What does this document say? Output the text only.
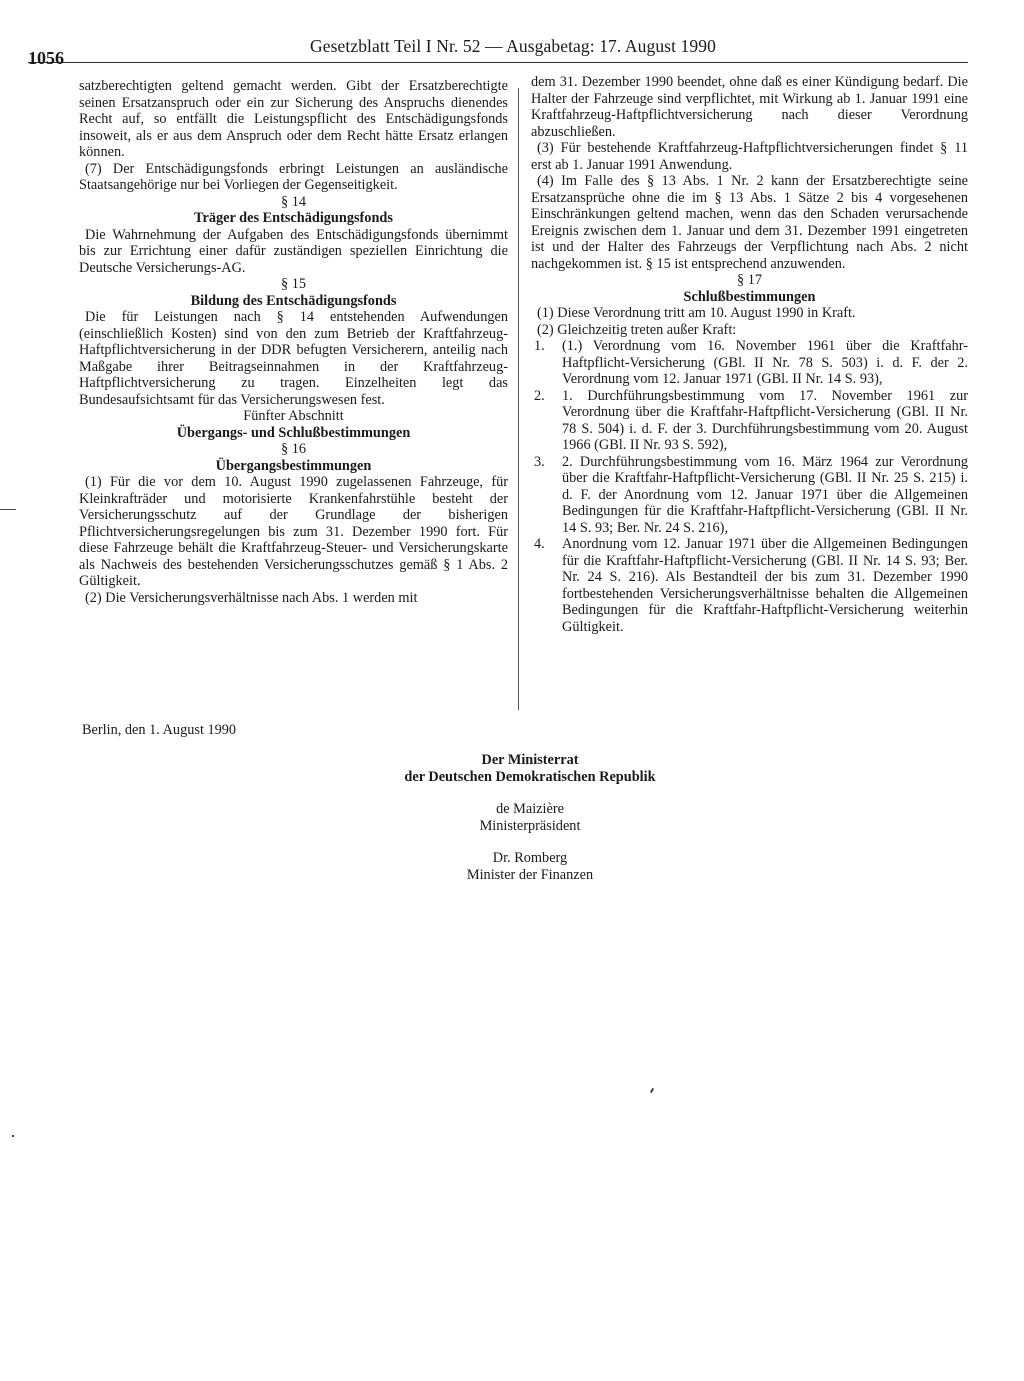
1056
Gesetzblatt Teil I Nr. 52 — Ausgabetag: 17. August 1990

satzberechtigten geltend gemacht werden. Gibt der Ersatzberechtigte seinen Ersatzanspruch oder ein zur Sicherung des Anspruchs dienendes Recht auf, so entfällt die Leistungspflicht des Entschädigungsfonds insoweit, als er aus dem Anspruch oder dem Recht hätte Ersatz erlangen können.

(7) Der Entschädigungsfonds erbringt Leistungen an ausländische Staatsangehörige nur bei Vorliegen der Gegenseitigkeit.

§ 14

Träger des Entschädigungsfonds

Die Wahrnehmung der Aufgaben des Entschädigungsfonds übernimmt bis zur Errichtung einer dafür zuständigen speziellen Einrichtung die Deutsche Versicherungs-AG.

§ 15

Bildung des Entschädigungsfonds

Die für Leistungen nach § 14 entstehenden Aufwendungen (einschließlich Kosten) sind von den zum Betrieb der Kraftfahrzeug-Haftpflichtversicherung in der DDR befugten Versicherern, anteilig nach Maßgabe ihrer Beitragseinnahmen in der Kraftfahrzeug-Haftpflichtversicherung zu tragen. Einzelheiten legt das Bundesaufsichtsamt für das Versicherungswesen fest.

Fünfter Abschnitt

Übergangs- und Schlußbestimmungen

§ 16

Übergangsbestimmungen

(1) Für die vor dem 10. August 1990 zugelassenen Fahrzeuge, für Kleinkrafträder und motorisierte Krankenfahrstühle besteht der Versicherungsschutz auf der Grundlage der bisherigen Pflichtversicherungsregelungen bis zum 31. Dezember 1990 fort. Für diese Fahrzeuge behält die Kraftfahrzeug-Steuer- und Versicherungskarte als Nachweis des bestehenden Versicherungsschutzes gemäß § 1 Abs. 2 Gültigkeit.

(2) Die Versicherungsverhältnisse nach Abs. 1 werden mit

dem 31. Dezember 1990 beendet, ohne daß es einer Kündigung bedarf. Die Halter der Fahrzeuge sind verpflichtet, mit Wirkung ab 1. Januar 1991 eine Kraftfahrzeug-Haftpflichtversicherung nach dieser Verordnung abzuschließen.

(3) Für bestehende Kraftfahrzeug-Haftpflichtversicherungen findet § 11 erst ab 1. Januar 1991 Anwendung.

(4) Im Falle des § 13 Abs. 1 Nr. 2 kann der Ersatzberechtigte seine Ersatzansprüche ohne die im § 13 Abs. 1 Sätze 2 bis 4 vorgesehenen Einschränkungen geltend machen, wenn das den Schaden verursachende Ereignis zwischen dem 1. Januar und dem 31. Dezember 1991 eingetreten ist und der Halter des Fahrzeugs der Verpflichtung nach Abs. 2 nicht nachgekommen ist. § 15 ist entsprechend anzuwenden.

§ 17

Schlußbestimmungen

(1) Diese Verordnung tritt am 10. August 1990 in Kraft.

(2) Gleichzeitig treten außer Kraft:

1. (1.) Verordnung vom 16. November 1961 über die Kraftfahr-Haftpflicht-Versicherung (GBl. II Nr. 78 S. 503) i. d. F. der 2. Verordnung vom 12. Januar 1971 (GBl. II Nr. 14 S. 93),
2. 1. Durchführungsbestimmung vom 17. November 1961 zur Verordnung über die Kraftfahr-Haftpflicht-Versicherung (GBl. II Nr. 78 S. 504) i. d. F. der 3. Durchführungsbestimmung vom 20. August 1966 (GBl. II Nr. 93 S. 592),
3. 2. Durchführungsbestimmung vom 16. März 1964 zur Verordnung über die Kraftfahr-Haftpflicht-Versicherung (GBl. II Nr. 25 S. 215) i. d. F. der Anordnung vom 12. Januar 1971 über die Allgemeinen Bedingungen für die Kraftfahr-Haftpflicht-Versicherung (GBl. II Nr. 14 S. 93; Ber. Nr. 24 S. 216),
4. Anordnung vom 12. Januar 1971 über die Allgemeinen Bedingungen für die Kraftfahr-Haftpflicht-Versicherung (GBl. II Nr. 14 S. 93; Ber. Nr. 24 S. 216). Als Bestandteil der bis zum 31. Dezember 1990 fortbestehenden Versicherungsverhältnisse behalten die Allgemeinen Bedingungen für die Kraftfahr-Haftpflicht-Versicherung weiterhin Gültigkeit.
Berlin, den 1. August 1990
Der Ministerrat
der Deutschen Demokratischen Republik
de Maizière
Ministerpräsident
Dr. Romberg
Minister der Finanzen
